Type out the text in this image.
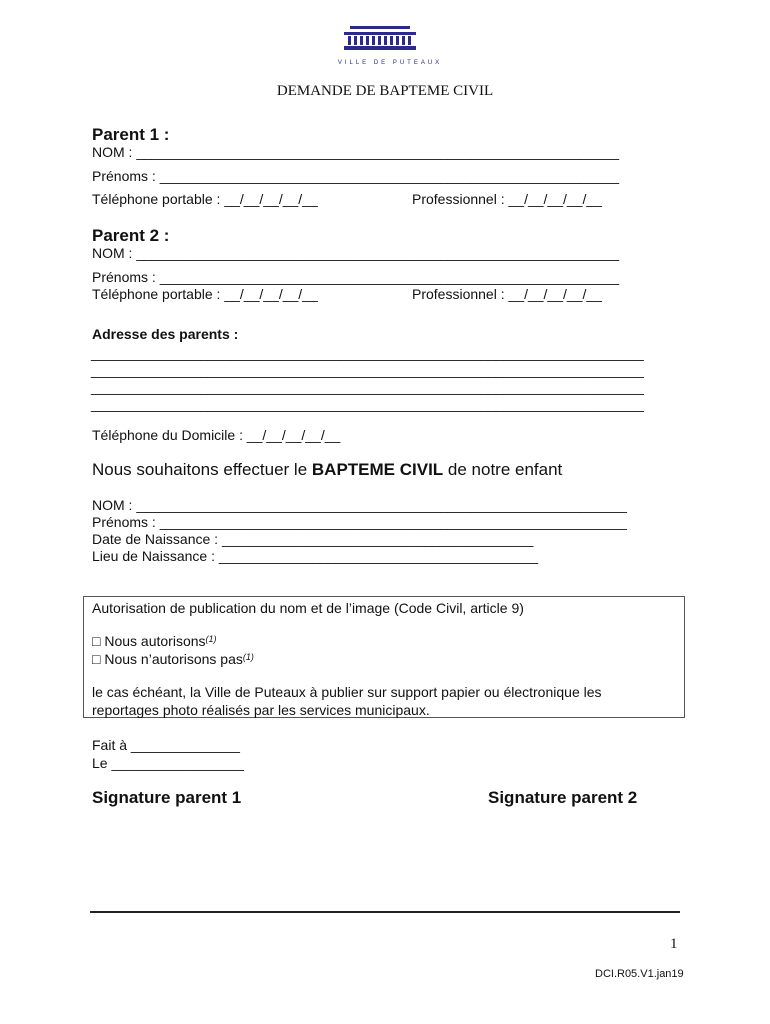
VILLE DE PUTEAUX
DEMANDE DE BAPTEME CIVIL
Parent 1 :
NOM : ______________________________________________________________
Prénoms : ___________________________________________________________
Téléphone portable : __/__/__/__/__	Professionnel : __/__/__/__/__
Parent 2 :
NOM : ______________________________________________________________
Prénoms : ___________________________________________________________
Téléphone portable : __/__/__/__/__	Professionnel : __/__/__/__/__
Adresse des parents :
_______________________________________________________________________
_______________________________________________________________________
_______________________________________________________________________
_______________________________________________________________________
Téléphone du Domicile : __/__/__/__/__
Nous souhaitons effectuer le BAPTEME CIVIL de notre enfant
NOM : _______________________________________________________________
Prénoms : ____________________________________________________________
Date de Naissance : ________________________________________
Lieu de Naissance : _________________________________________
Autorisation de publication du nom et de l’image (Code Civil, article 9)
□ Nous autorisons$^{(1)}$
□ Nous n’autorisons pas$^{(1)}$
le cas échéant, la Ville de Puteaux à publier sur support papier ou électronique les
reportages photo réalisés par les services municipaux.
Fait à ______________
Le _________________
Signature parent 1	Signature parent 2
1
DCI.R05.V1.jan19
